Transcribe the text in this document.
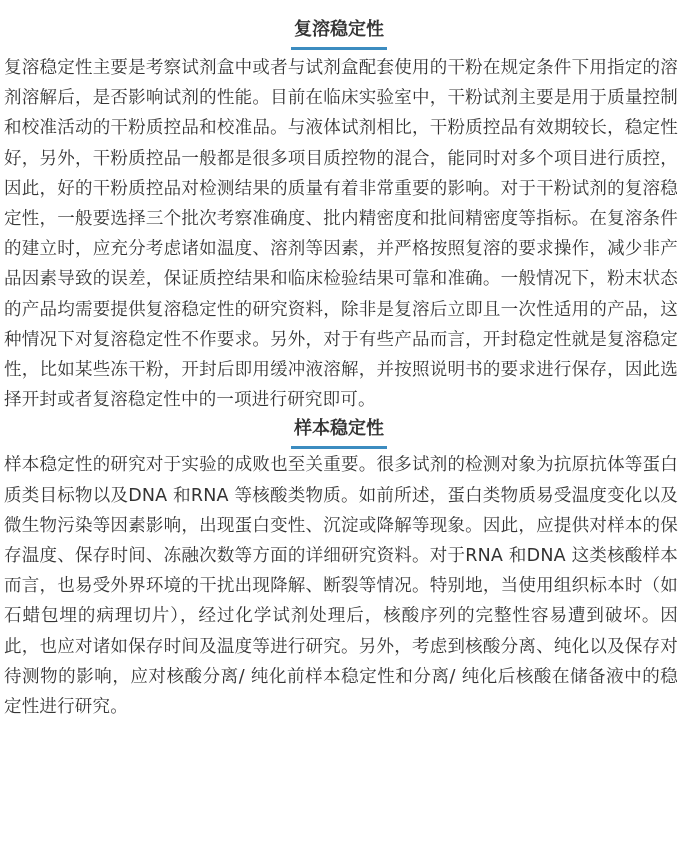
复溶稳定性

复溶稳定性主要是考察试剂盒中或者与试剂盒配套使用的干粉在规定条件下用指定的溶剂溶解后，是否影响试剂的性能。目前在临床实验室中，干粉试剂主要是用于质量控制和校准活动的干粉质控品和校准品。与液体试剂相比，干粉质控品有效期较长，稳定性好，另外，干粉质控品一般都是很多项目质控物的混合，能同时对多个项目进行质控，因此，好的干粉质控品对检测结果的质量有着非常重要的影响。对于干粉试剂的复溶稳定性，一般要选择三个批次考察准确度、批内精密度和批间精密度等指标。在复溶条件的建立时，应充分考虑诸如温度、溶剂等因素，并严格按照复溶的要求操作，减少非产品因素导致的误差，保证质控结果和临床检验结果可靠和准确。一般情况下，粉末状态的产品均需要提供复溶稳定性的研究资料，除非是复溶后立即且一次性适用的产品，这种情况下对复溶稳定性不作要求。另外，对于有些产品而言，开封稳定性就是复溶稳定性，比如某些冻干粉，开封后即用缓冲液溶解，并按照说明书的要求进行保存，因此选择开封或者复溶稳定性中的一项进行研究即可。

样本稳定性

样本稳定性的研究对于实验的成败也至关重要。很多试剂的检测对象为抗原抗体等蛋白质类目标物以及DNA 和RNA 等核酸类物质。如前所述，蛋白类物质易受温度变化以及微生物污染等因素影响，出现蛋白变性、沉淀或降解等现象。因此，应提供对样本的保存温度、保存时间、冻融次数等方面的详细研究资料。对于RNA 和DNA 这类核酸样本而言，也易受外界环境的干扰出现降解、断裂等情况。特别地，当使用组织标本时（如石蜡包埋的病理切片），经过化学试剂处理后，核酸序列的完整性容易遭到破坏。因此，也应对诸如保存时间及温度等进行研究。另外，考虑到核酸分离、纯化以及保存对待测物的影响，应对核酸分离/ 纯化前样本稳定性和分离/ 纯化后核酸在储备液中的稳定性进行研究。
